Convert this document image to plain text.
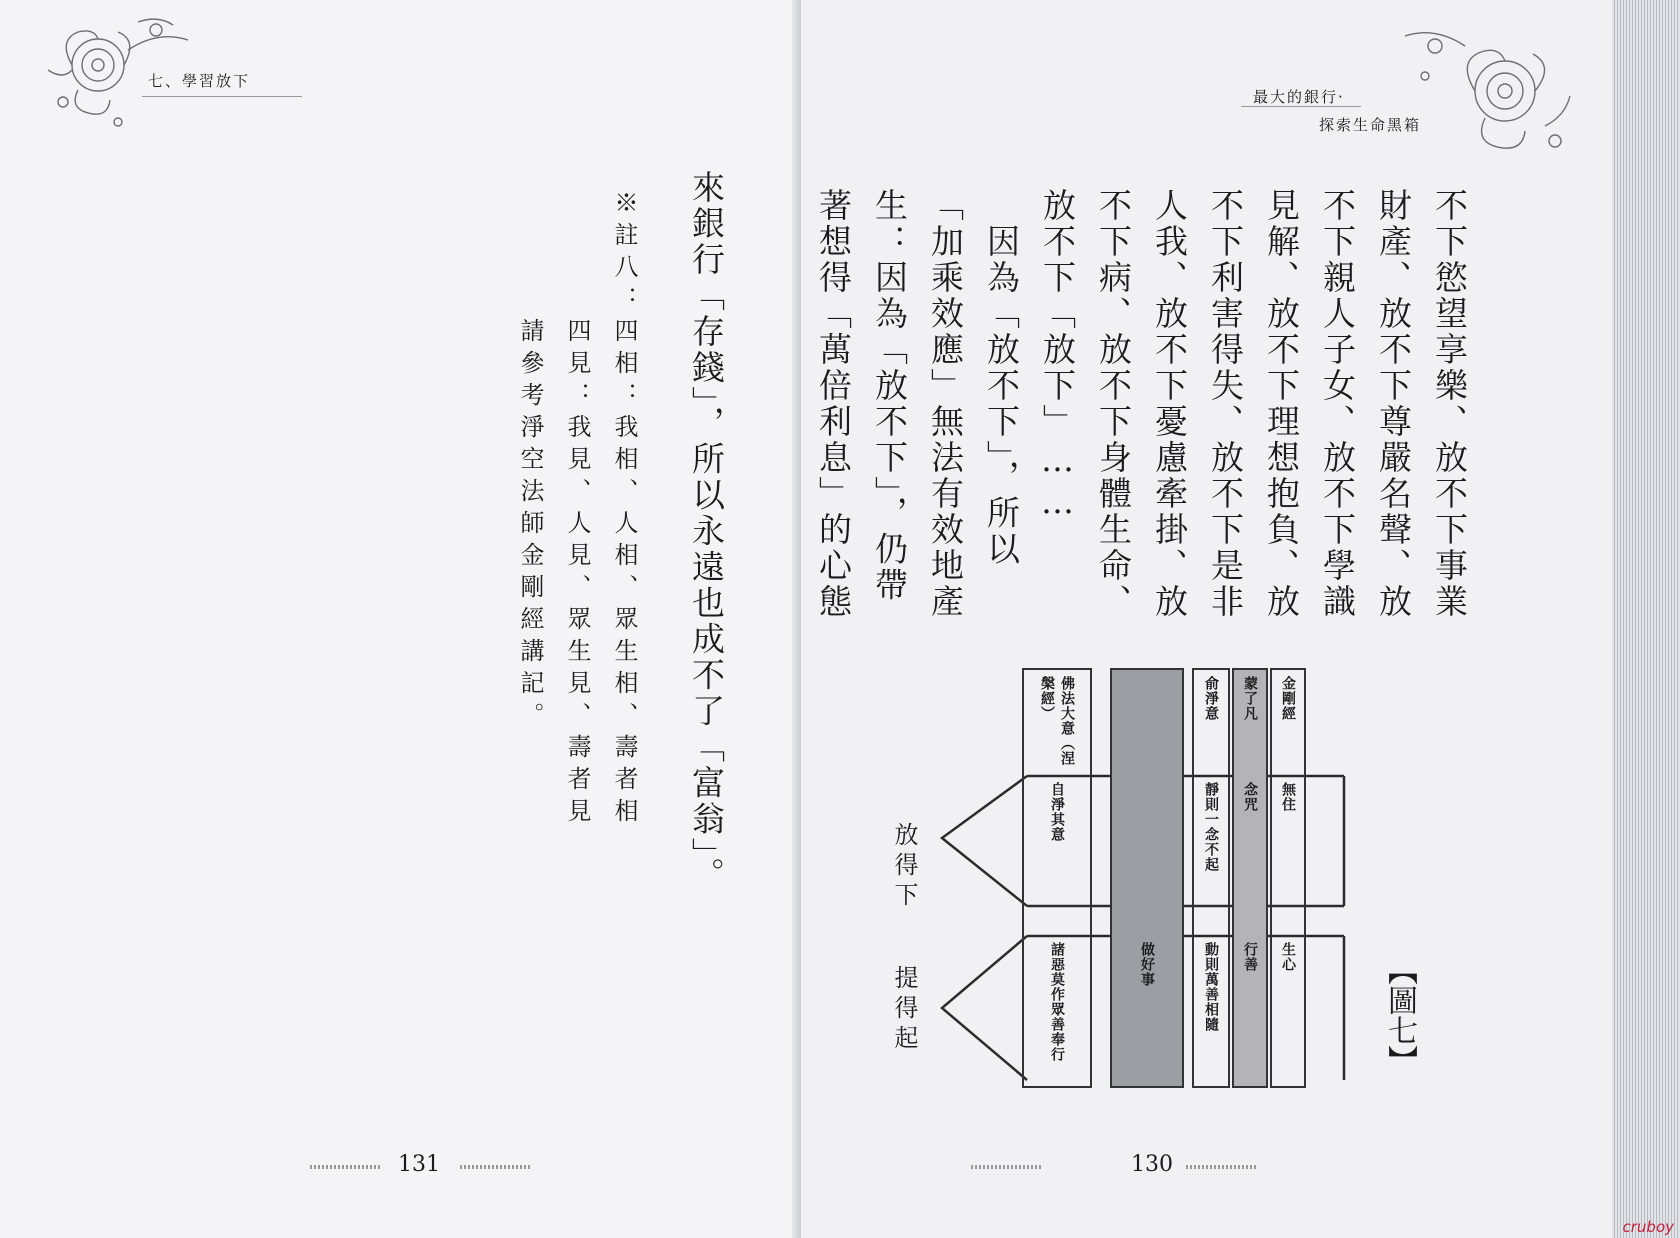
七、學習放下
來銀行「存錢」，所以永遠也成不了「富翁」。
※註八：四相：我相、人相、眾生相、壽者相
四見：我見、人見、眾生見、壽者見
請參考淨空法師金剛經講記。
131
最大的銀行·
探索生命黑箱
不下慾望享樂、放不下事業
財產、放不下尊嚴名聲、放
不下親人子女、放不下學識
見解、放不下理想抱負、放
不下利害得失、放不下是非
人我、放不下憂慮牽掛、放
不下病、放不下身體生命、
放不下「放下」……
　因為「放不下」，所以
「加乘效應」無法有效地產
生：因為「放不下」，仍帶
著想得「萬倍利息」的心態
【圖七】
放得下
提得起
130
佛法大意（涅槃經）
自淨其意
諸惡莫作眾善奉行	做好事
俞淨意
靜則一念不起
動則萬善相隨
蒙了凡
念咒
行善
金剛經
無住
生心
cruboy
